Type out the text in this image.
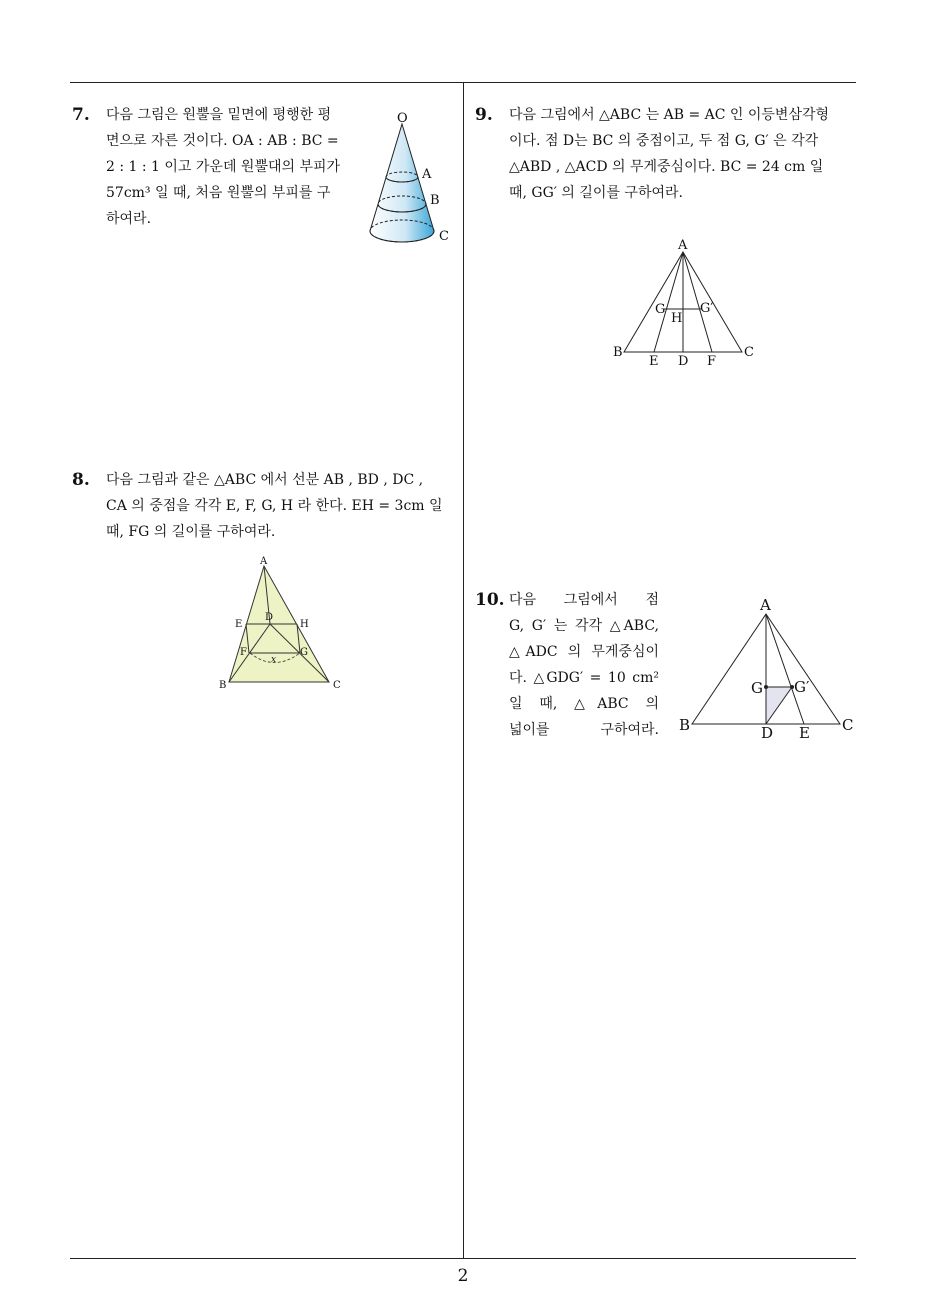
7. 다음 그림은 원뿔을 밑면에 평행한 평
면으로 자른 것이다. OA : AB : BC =
2 : 1 : 1 이고 가운데 원뿔대의 부피가
57cm³ 일 때, 처음 원뿔의 부피를 구
하여라.
O
A
B
C
8. 다음 그림과 같은 △ABC 에서 선분 AB , BD , DC ,
CA 의 중점을 각각 E, F, G, H 라 한다. EH = 3cm 일
때, FG 의 길이를 구하여라.
A
E
D
H
F	G
x
B	C
9. 다음 그림에서 △ABC 는 AB = AC 인 이등변삼각형
이다. 점 D는 BC 의 중점이고, 두 점 G, G′ 은 각각
△ABD , △ACD 의 무게중심이다. BC = 24 cm 일
때, GG′ 의 길이를 구하여라.
A
G	G′
H
B
E D F
C
10. 다음 그림에서 점
G, G′ 는 각각 △ABC,
△ADC 의 무게중심이
다. △GDG′ = 10 cm²
일 때, △ABC 의
넓이를 구하여라.
A
G G′
B	D E C
2
